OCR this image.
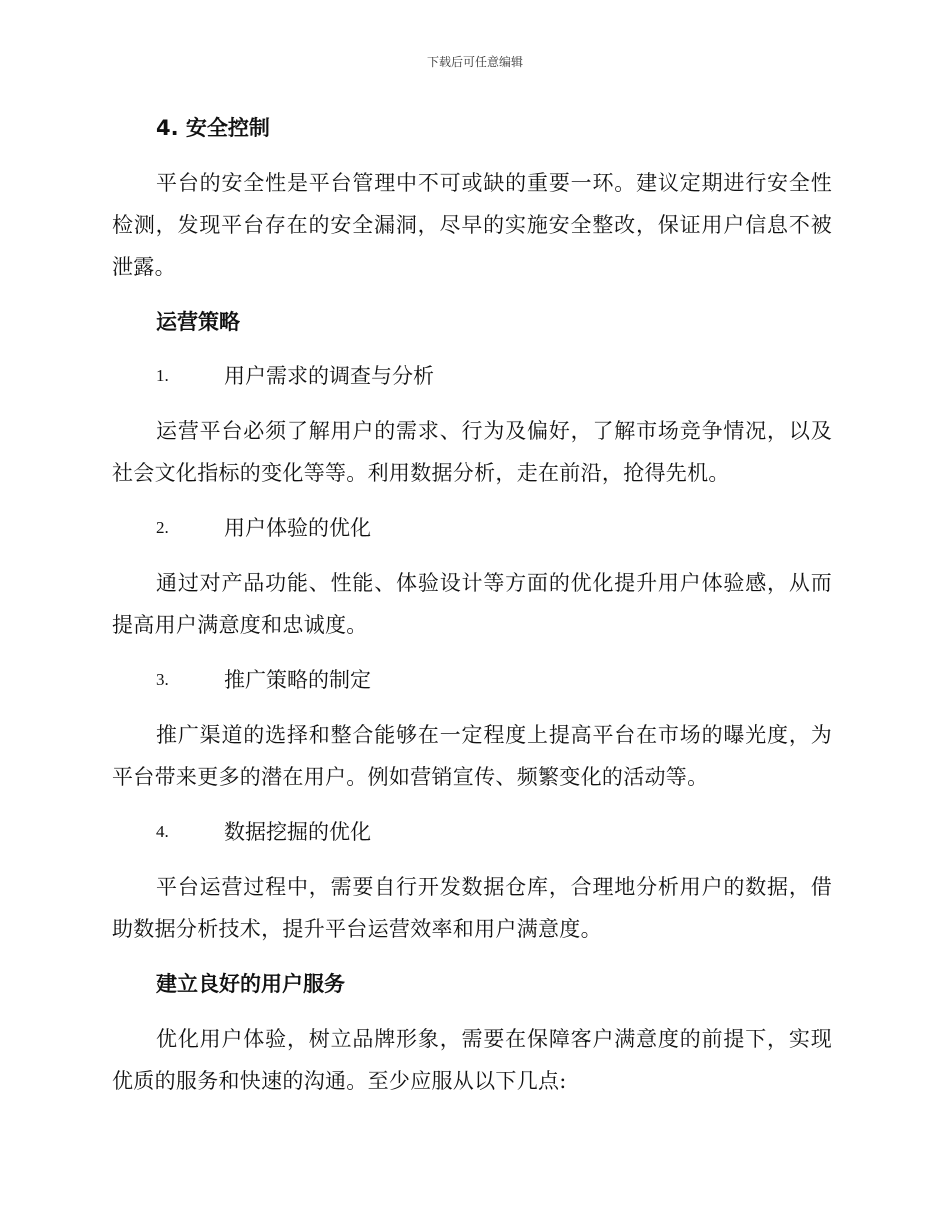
下载后可任意编辑
4. 安全控制

平台的安全性是平台管理中不可或缺的重要一环。建议定期进行安全性检测，发现平台存在的安全漏洞，尽早的实施安全整改，保证用户信息不被泄露。

运营策略
1.	用户需求的调查与分析

运营平台必须了解用户的需求、行为及偏好，了解市场竞争情况，以及社会文化指标的变化等等。利用数据分析，走在前沿，抢得先机。

2.	用户体验的优化

通过对产品功能、性能、体验设计等方面的优化提升用户体验感，从而提高用户满意度和忠诚度。

3.	推广策略的制定

推广渠道的选择和整合能够在一定程度上提高平台在市场的曝光度，为平台带来更多的潜在用户。例如营销宣传、频繁变化的活动等。

4.	数据挖掘的优化

平台运营过程中，需要自行开发数据仓库，合理地分析用户的数据，借助数据分析技术，提升平台运营效率和用户满意度。

建立良好的用户服务

优化用户体验，树立品牌形象，需要在保障客户满意度的前提下，实现优质的服务和快速的沟通。至少应服从以下几点:
